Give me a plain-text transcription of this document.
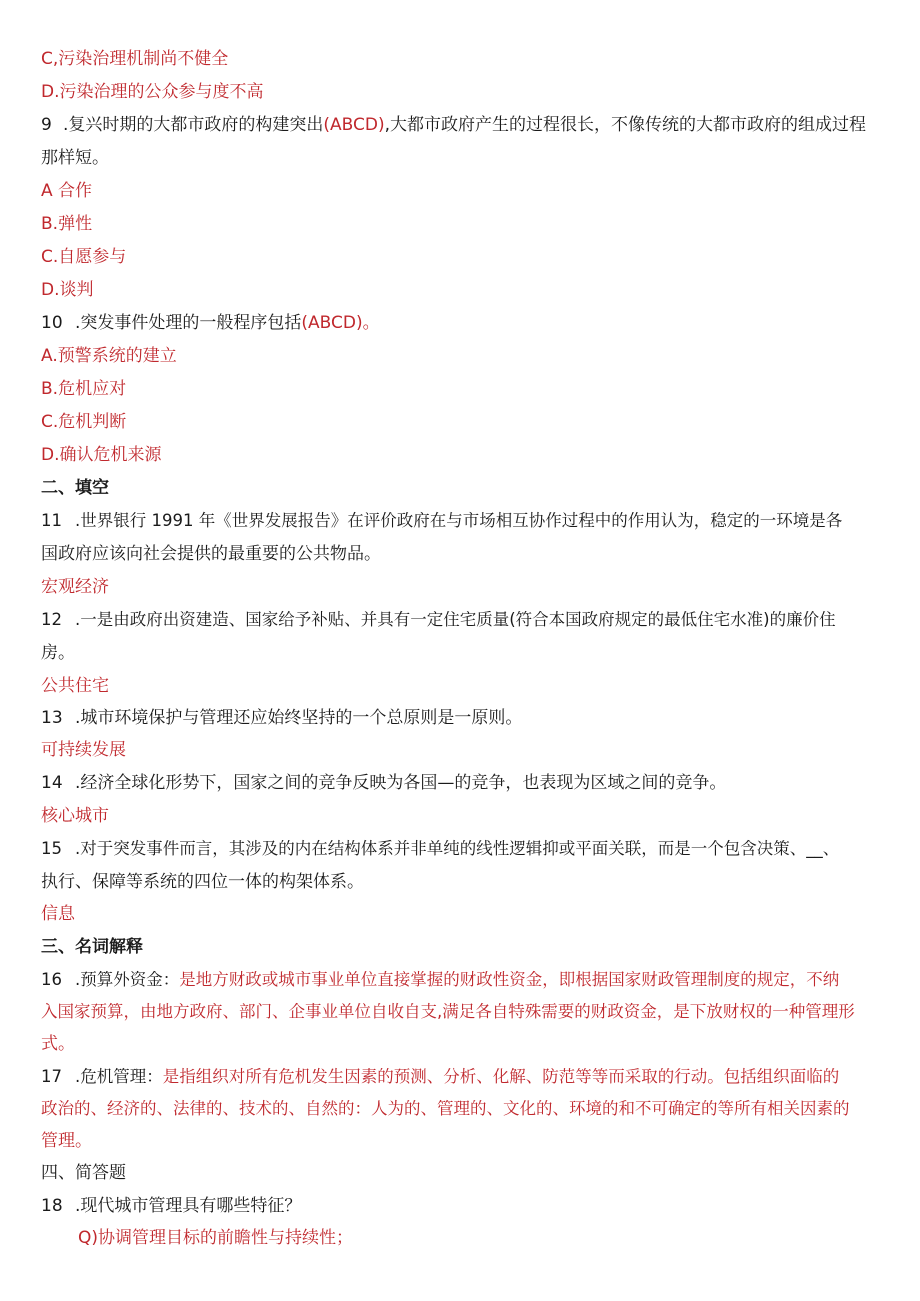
C,污染治理机制尚不健全
D.污染治理的公众参与度不高
9 .复兴时期的大都市政府的构建突出(ABCD),大都市政府产生的过程很长，不像传统的大都市政府的组成过程
那样短。
A 合作
B.弹性
C.自愿参与
D.谈判
10 .突发事件处理的一般程序包括(ABCD)。
A.预警系统的建立
B.危机应对
C.危机判断
D.确认危机来源
二、填空
11 .世界银行 1991 年《世界发展报告》在评价政府在与市场相互协作过程中的作用认为，稳定的一环境是各
国政府应该向社会提供的最重要的公共物品。
宏观经济
12 .一是由政府出资建造、国家给予补贴、并具有一定住宅质量(符合本国政府规定的最低住宅水准)的廉价住
房。
公共住宅
13 .城市环境保护与管理还应始终坚持的一个总原则是一原则。
可持续发展
14 .经济全球化形势下，国家之间的竞争反映为各国—的竞争，也表现为区域之间的竞争。
核心城市
15 .对于突发事件而言，其涉及的内在结构体系并非单纯的线性逻辑抑或平面关联，而是一个包含决策、__、
执行、保障等系统的四位一体的构架体系。
信息
三、名词解释
16 .预算外资金：是地方财政或城市事业单位直接掌握的财政性资金，即根据国家财政管理制度的规定，不纳
入国家预算，由地方政府、部门、企事业单位自收自支,满足各自特殊需要的财政资金，是下放财权的一种管理形
式。
17 .危机管理：是指组织对所有危机发生因素的预测、分析、化解、防范等等而采取的行动。包括组织面临的
政治的、经济的、法律的、技术的、自然的：人为的、管理的、文化的、环境的和不可确定的等所有相关因素的
管理。
四、简答题
18 .现代城市管理具有哪些特征？
Q)协调管理目标的前瞻性与持续性；
